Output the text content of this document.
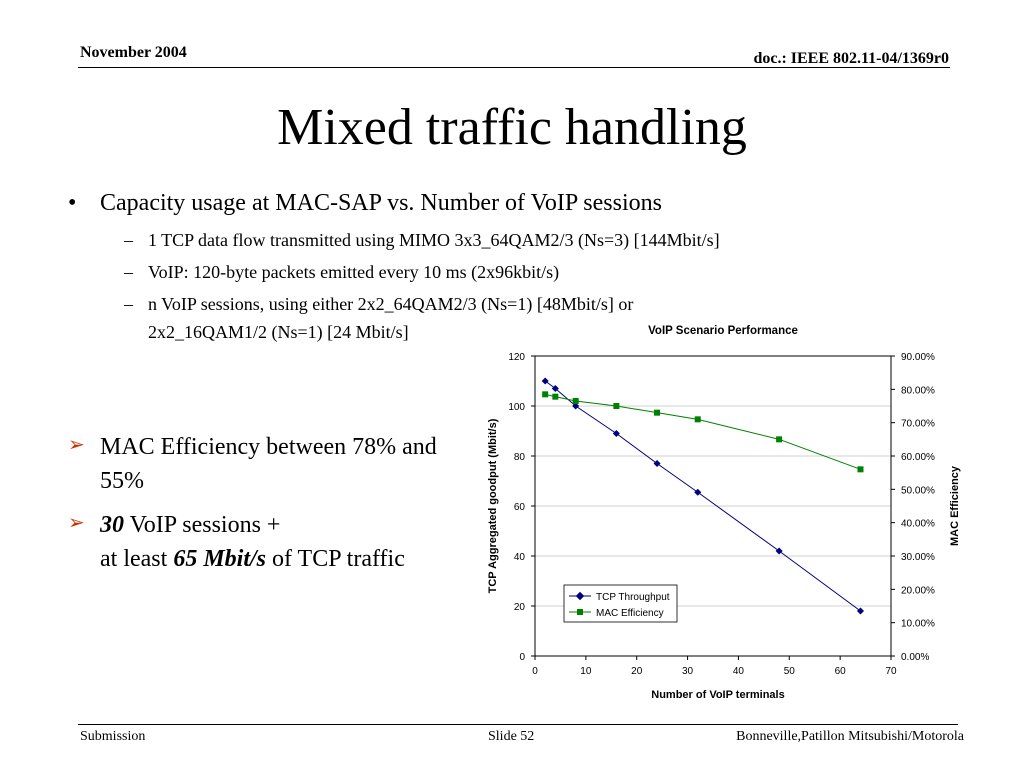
November 2004	doc.: IEEE 802.11-04/1369r0
Mixed traffic handling
• Capacity usage at MAC-SAP vs. Number of VoIP sessions
– 1 TCP data flow transmitted using MIMO 3x3_64QAM2/3 (Ns=3) [144Mbit/s]
– VoIP: 120-byte packets emitted every 10 ms (2x96kbit/s)
– n VoIP sessions, using either 2x2_64QAM2/3 (Ns=1) [48Mbit/s] or
2x2_16QAM1/2 (Ns=1) [24 Mbit/s]
➢ MAC Efficiency between 78% and 55%
➢ 30 VoIP sessions +
at least 65 Mbit/s of TCP traffic
VoIP Scenario Performance
0
20
40
60
80
100
120
0.00%
10.00%
20.00%
30.00%
40.00%
50.00%
60.00%
70.00%
80.00%
90.00%
0	10	20	30	40	50	60	70
Number of VoIP terminals
TCP Aggregated goodput (Mbit/s)	MAC Efficiency
TCP Throughput
MAC Efficiency
Submission	Slide 52	Bonneville,Patillon Mitsubishi/Motorola
